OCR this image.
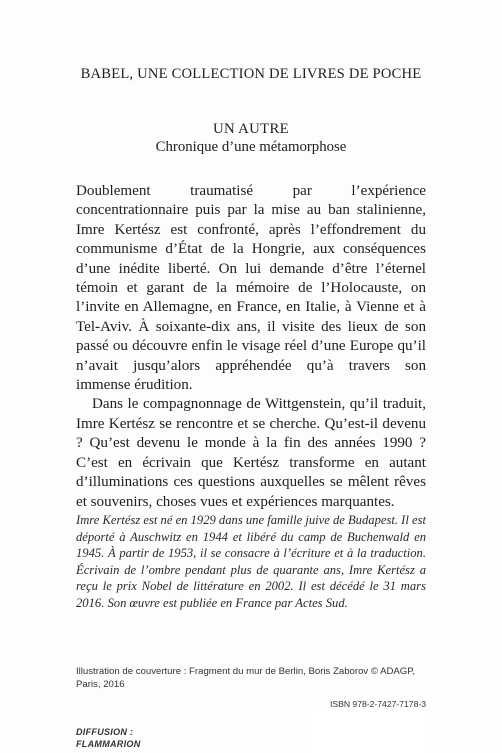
BABEL, UNE COLLECTION DE LIVRES DE POCHE
UN AUTRE
Chronique d’une métamorphose

Doublement traumatisé par l’expérience concentrationnaire puis par la mise au ban stalinienne, Imre Kertész est confronté, après l’effondrement du communisme d’État de la Hongrie, aux conséquences d’une inédite liberté. On lui demande d’être l’éternel témoin et garant de la mémoire de l’Holocauste, on l’invite en Allemagne, en France, en Italie, à Vienne et à Tel-Aviv. À soixante-dix ans, il visite des lieux de son passé ou découvre enfin le visage réel d’une Europe qu’il n’avait jusqu’alors appréhendée qu’à travers son immense érudition.

Dans le compagnonnage de Wittgenstein, qu’il traduit, Imre Kertész se rencontre et se cherche. Qu’est-il devenu ? Qu’est devenu le monde à la fin des années 1990 ? C’est en écrivain que Kertész transforme en autant d’illuminations ces questions auxquelles se mêlent rêves et souvenirs, choses vues et expériences marquantes.

Imre Kertész est né en 1929 dans une famille juive de Budapest. Il est déporté à Auschwitz en 1944 et libéré du camp de Buchenwald en 1945. À partir de 1953, il se consacre à l’écriture et à la traduction. Écrivain de l’ombre pendant plus de quarante ans, Imre Kertész a reçu le prix Nobel de littérature en 2002. Il est décédé le 31 mars 2016. Son œuvre est publiée en France par Actes Sud.

Illustration de couverture : Fragment du mur de Berlin, Boris Zaborov © ADAGP, Paris, 2016
ISBN 978-2-7427-7178-3
DIFFUSION :
FLAMMARION
